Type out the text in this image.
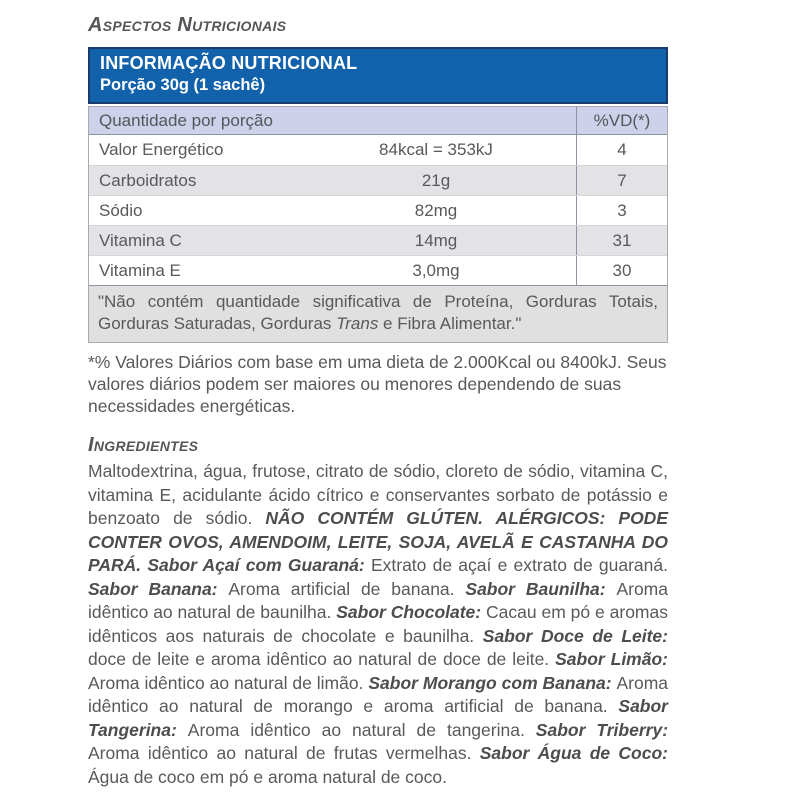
Aspectos Nutricionais
INFORMAÇÃO NUTRICIONAL
Porção 30g (1 sachê)
Quantidade por porção	%VD(*)
Valor Energético	84kcal = 353kJ	4
Carboidratos	21g	7
Sódio	82mg	3
Vitamina C	14mg	31
Vitamina E	3,0mg	30
"Não contém quantidade significativa de Proteína, Gorduras Totais, Gorduras Saturadas, Gorduras Trans e Fibra Alimentar."

*% Valores Diários com base em uma dieta de 2.000Kcal ou 8400kJ. Seus valores diários podem ser maiores ou menores dependendo de suas necessidades energéticas.

Ingredientes

Maltodextrina, água, frutose, citrato de sódio, cloreto de sódio, vitamina C, vitamina E, acidulante ácido cítrico e conservantes sorbato de potássio e benzoato de sódio. NÃO CONTÉM GLÚTEN. ALÉRGICOS: PODE CONTER OVOS, AMENDOIM, LEITE, SOJA, AVELÃ E CASTANHA DO PARÁ. Sabor Açaí com Guaraná: Extrato de açaí e extrato de guaraná. Sabor Banana: Aroma artificial de banana. Sabor Baunilha: Aroma idêntico ao natural de baunilha. Sabor Chocolate: Cacau em pó e aromas idênticos aos naturais de chocolate e baunilha. Sabor Doce de Leite: doce de leite e aroma idêntico ao natural de doce de leite. Sabor Limão: Aroma idêntico ao natural de limão. Sabor Morango com Banana: Aroma idêntico ao natural de morango e aroma artificial de banana. Sabor Tangerina: Aroma idêntico ao natural de tangerina. Sabor Triberry: Aroma idêntico ao natural de frutas vermelhas. Sabor Água de Coco: Água de coco em pó e aroma natural de coco.
